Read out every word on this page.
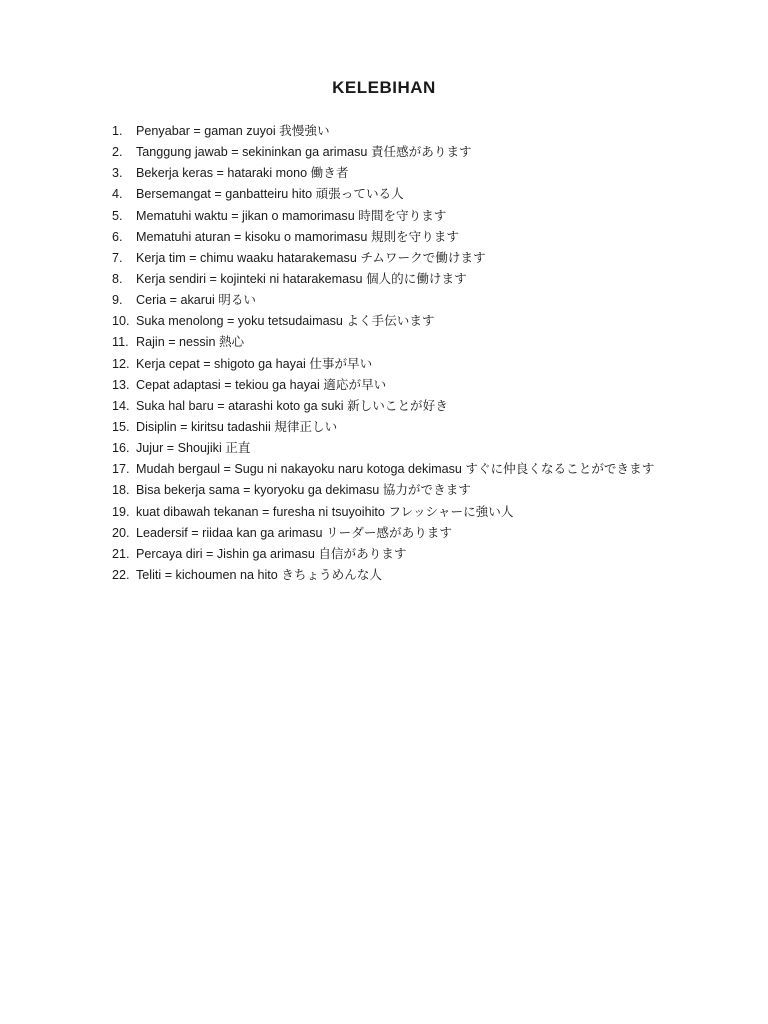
KELEBIHAN
1.	Penyabar = gaman zuyoi 我慢強い
2.	Tanggung jawab = sekininkan ga arimasu 責任感があります
3.	Bekerja keras = hataraki mono 働き者
4.	Bersemangat = ganbatteiru hito 頑張っている人
5.	Mematuhi waktu = jikan o mamorimasu 時間を守ります
6.	Mematuhi aturan = kisoku o mamorimasu 規則を守ります
7.	Kerja tim = chimu waaku hatarakemasu チムワークで働けます
8.	Kerja sendiri = kojinteki ni hatarakemasu 個人的に働けます
9.	Ceria = akarui 明るい
10. Suka menolong = yoku tetsudaimasu よく手伝います
11. Rajin = nessin 熱心
12. Kerja cepat = shigoto ga hayai 仕事が早い
13. Cepat adaptasi = tekiou ga hayai 適応が早い
14. Suka hal baru = atarashi koto ga suki 新しいことが好き
15. Disiplin = kiritsu tadashii 規律正しい
16. Jujur = Shoujiki 正直
17. Mudah bergaul = Sugu ni nakayoku naru kotoga dekimasu すぐに仲良くなることができます
18. Bisa bekerja sama = kyoryoku ga dekimasu 協力ができます
19. kuat dibawah tekanan = furesha ni tsuyoihito フレッシャーに強い人
20. Leadersif = riidaa kan ga arimasu リーダー感があります
21. Percaya diri = Jishin ga arimasu 自信があります
22. Teliti = kichoumen na hito きちょうめんな人
